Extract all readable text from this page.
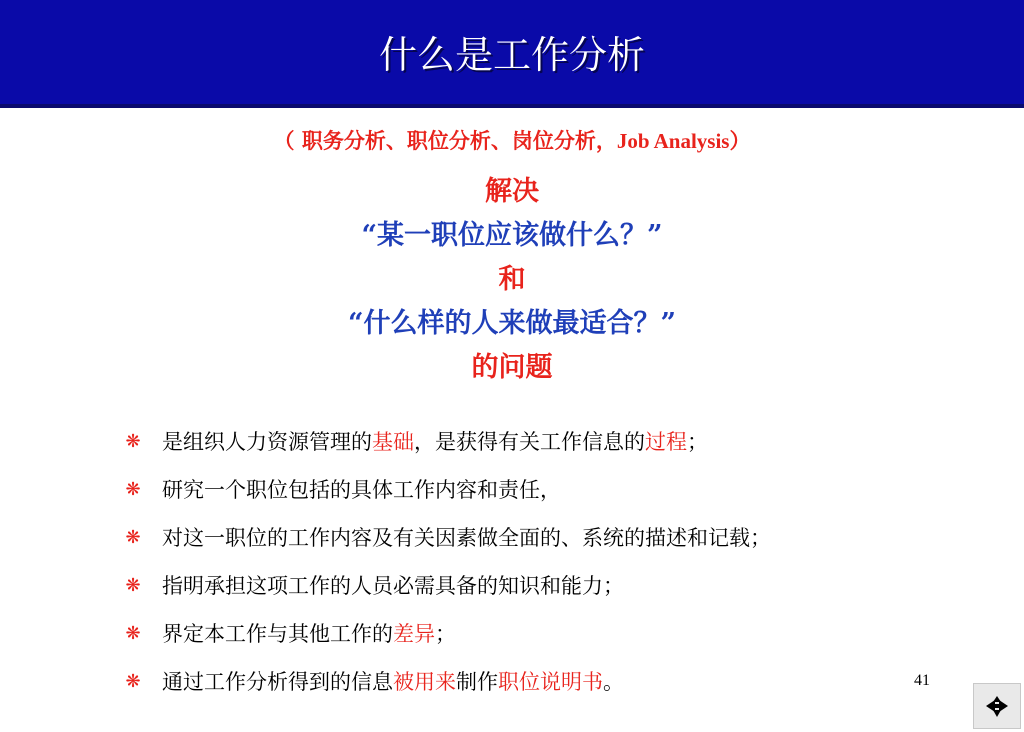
什么是工作分析
（ 职务分析、职位分析、岗位分析，Job Analysis）
解决
“某一职位应该做什么？”
和
“什么样的人来做最适合？”
的问题
❋ 是组织人力资源管理的基础，是获得有关工作信息的过程；
❋ 研究一个职位包括的具体工作内容和责任，
❋ 对这一职位的工作内容及有关因素做全面的、系统的描述和记载；
❋ 指明承担这项工作的人员必需具备的知识和能力；
❋ 界定本工作与其他工作的差异；
❋ 通过工作分析得到的信息被用来制作职位说明书。	41
